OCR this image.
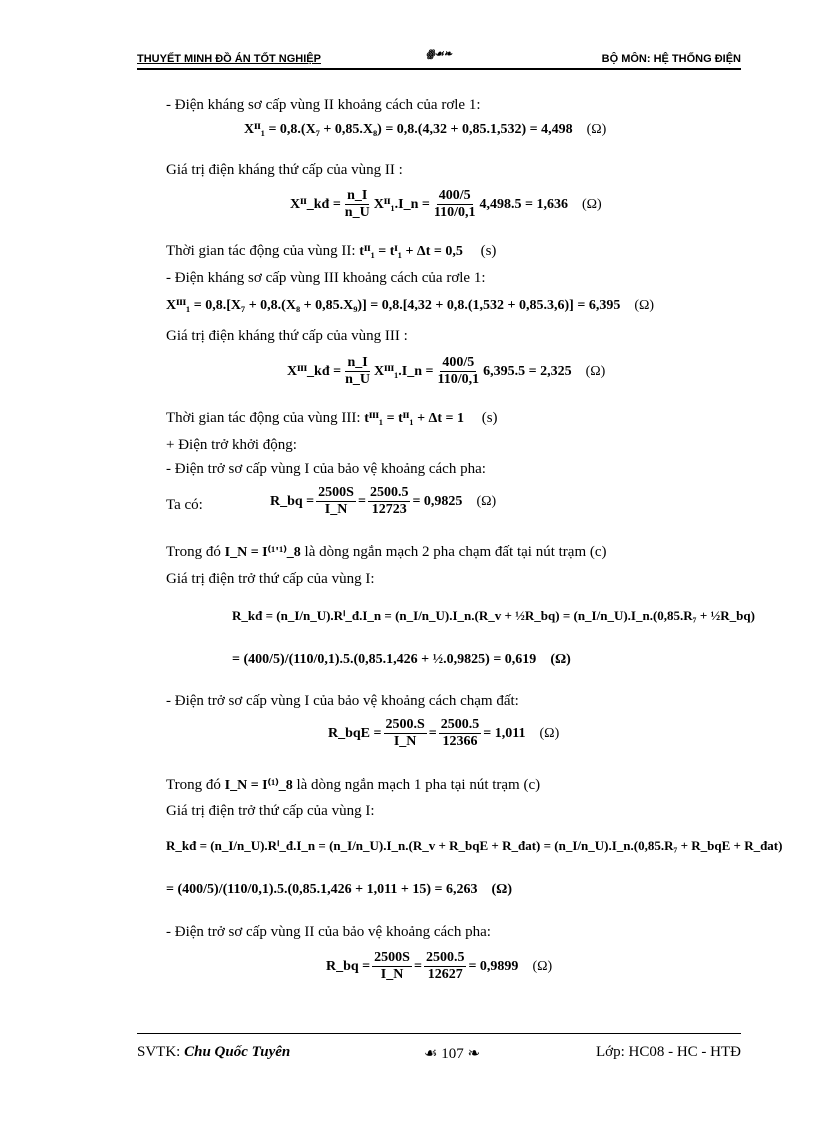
THUYẾT MINH ĐỒ ÁN TỐT NGHIỆP	ꙮ☙❧	BỘ MÔN: HỆ THỐNG ĐIỆN
- Điện kháng sơ cấp vùng II khoảng cách của rơle 1:
Xᴵᴵ₁ = 0,8.(X₇ + 0,85.X₈) = 0,8.(4,32 + 0,85.1,532) = 4,498 (Ω)
Giá trị điện kháng thứ cấp của vùng II :
Xᴵᴵ_kđ = $\frac{n\_I}{n\_U}$ Xᴵᴵ₁.I_n = $\frac{400/5}{110/0,1} 4,498.5 = 1,636$ (Ω)
Thời gian tác động của vùng II: tᴵᴵ₁ = tᴵ₁ + Δt = 0,5 (s)
- Điện kháng sơ cấp vùng III khoảng cách của rơle 1:
Xᴵᴵᴵ₁ = 0,8.[X₇ + 0,8.(X₈ + 0,85.X₉)] = 0,8.[4,32 + 0,8.(1,532 + 0,85.3,6)] = 6,395 (Ω)
Giá trị điện kháng thứ cấp của vùng III :
Xᴵᴵᴵ_kđ = $\frac{n\_I}{n\_U}$ Xᴵᴵᴵ₁.I_n = $\frac{400/5}{110/0,1} 6,395.5 = 2,325$ (Ω)
Thời gian tác động của vùng III: tᴵᴵᴵ₁ = tᴵᴵ₁ + Δt = 1 (s)
+ Điện trở khởi động:
- Điện trở sơ cấp vùng I của bảo vệ khoảng cách pha:
Ta có:	R_bq = $\frac{2500S}{I\_N} = \frac{2500.5}{12723} = 0,9825$ (Ω)
Trong đó I_N = I⁽¹'¹⁾_8 là dòng ngắn mạch 2 pha chạm đất tại nút trạm (c)
Giá trị điện trở thứ cấp của vùng I:
R_kđ = (n_I/n_U).Rⁱ_đ.I_n = (n_I/n_U).I_n.(R_v + ½R_bq) = (n_I/n_U).I_n.(0,85.R₇ + ½R_bq)
= (400/5)/(110/0,1).5.(0,85.1,426 + ½.0,9825) = 0,619 (Ω)
- Điện trở sơ cấp vùng I của bảo vệ khoảng cách chạm đất:
R_bqE = $\frac{2500.S}{I\_N} = \frac{2500.5}{12366} = 1,011$ (Ω)
Trong đó I_N = I⁽¹⁾_8 là dòng ngắn mạch 1 pha tại nút trạm (c)
Giá trị điện trở thứ cấp của vùng I:
R_kđ = (n_I/n_U).Rⁱ_đ.I_n = (n_I/n_U).I_n.(R_v + R_bqE + R_đat) = (n_I/n_U).I_n.(0,85.R₇ + R_bqE + R_đat)
= (400/5)/(110/0,1).5.(0,85.1,426 + 1,011 + 15) = 6,263 (Ω)
- Điện trở sơ cấp vùng II của bảo vệ khoảng cách pha:
R_bq = $\frac{2500S}{I\_N} = \frac{2500.5}{12627} = 0,9899$ (Ω)
SVTK: Chu Quốc Tuyên	☙ 107 ❧	Lớp: HC08 - HC - HTĐ
